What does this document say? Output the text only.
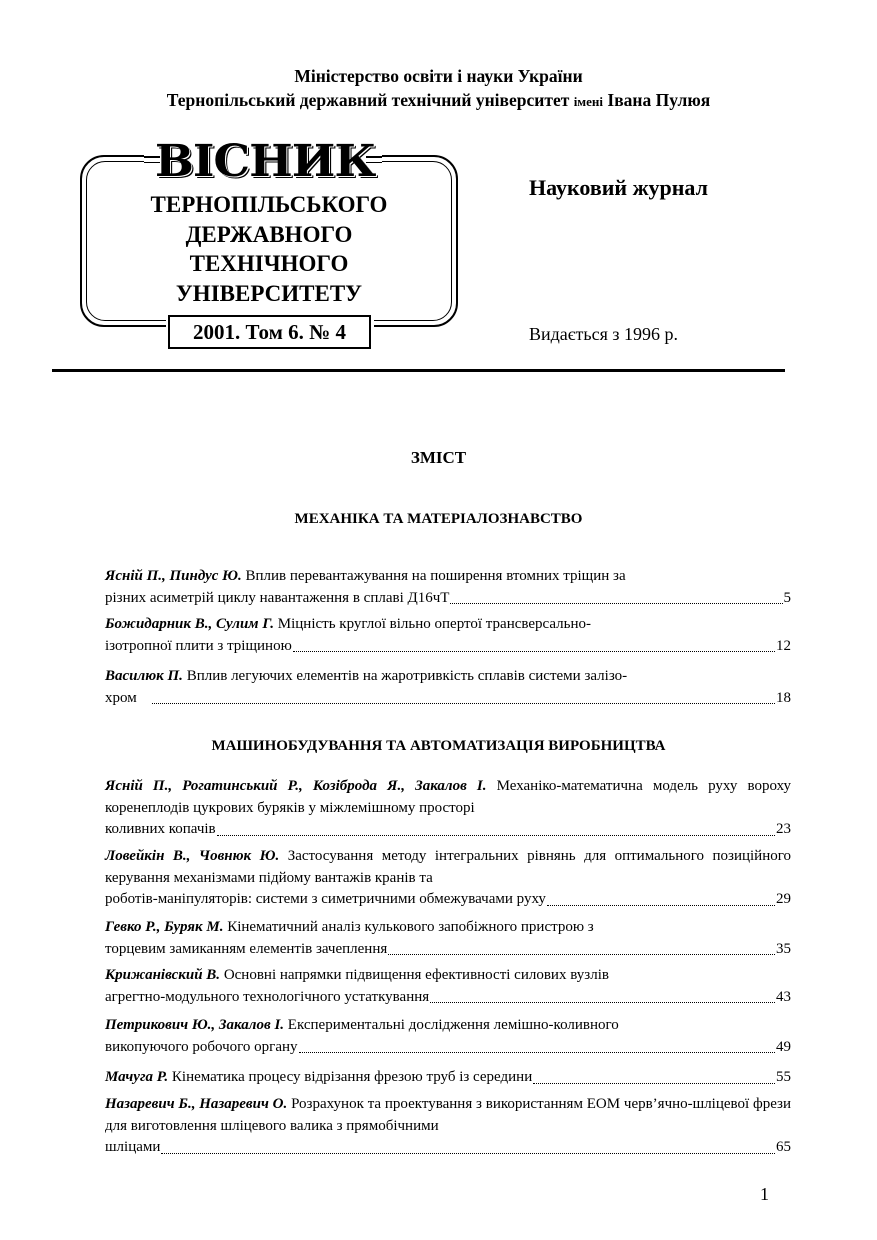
Міністерство освіти і науки України
Тернопільський державний технічний університет імені Івана Пулюя
ВІСНИК
ТЕРНОПІЛЬСЬКОГО
ДЕРЖАВНОГО
ТЕХНІЧНОГО
УНІВЕРСИТЕТУ
2001. Том 6. № 4
Науковий журнал
Видається з 1996 р.
ЗМІСТ
МЕХАНІКА ТА МАТЕРІАЛОЗНАВСТВО
Ясній П., Пиндус Ю. Вплив перевантажування на поширення втомних тріщин за
різних асиметрій циклу навантаження в сплаві Д16чТ	5
Божидарник В., Сулим Г. Міцність круглої вільно опертої трансверсально-
ізотропної плити з тріщиною	12
Василюк П. Вплив легуючих елементів на жаротривкість сплавів системи залізо-
хром	18
МАШИНОБУДУВАННЯ ТА АВТОМАТИЗАЦІЯ ВИРОБНИЦТВА
Ясній П., Рогатинський Р., Козіброда Я., Закалов І. Механіко-математична модель руху вороху коренеплодів цукрових буряків у міжлемішному просторі
коливних копачів	23
Ловейкін В., Човнюк Ю. Застосування методу інтегральних рівнянь для оптимального позиційного керування механізмами підйому вантажів кранів та
роботів-маніпуляторів: системи з симетричними обмежувачами руху	29
Гевко Р., Буряк М. Кінематичний аналіз кулькового запобіжного пристрою з
торцевим замиканням елементів зачеплення	35
Крижанівский В. Основні напрямки підвищення ефективності силових вузлів
агрегтно-модульного технологічного устаткування	43
Петрикович Ю., Закалов І. Експериментальні дослідження лемішно-коливного
викопуючого робочого органу	49
Мачуга Р. Кінематика процесу відрізання фрезою труб із середини	55
Назаревич Б., Назаревич О. Розрахунок та проектування з використанням ЕОМ черв’ячно-шліцевої фрези для виготовлення шліцевого валика з прямобічними
шліцами	65
1
